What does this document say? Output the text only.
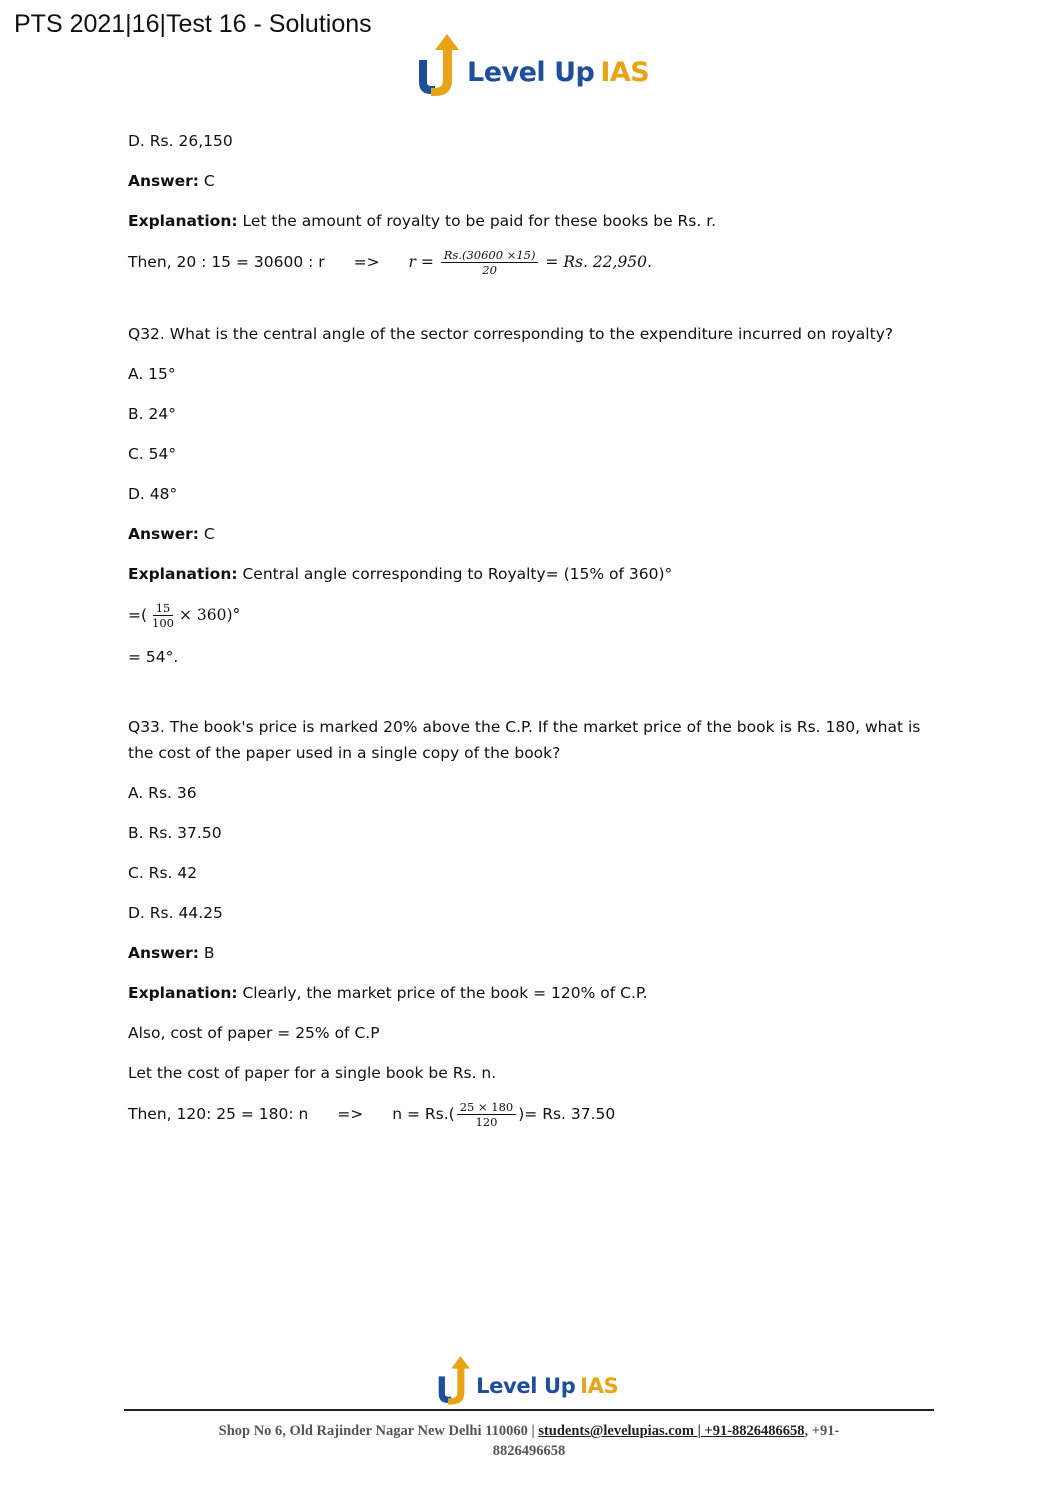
PTS 2021|16|Test 16 - Solutions
Level Up IAS

D. Rs. 26,150

Answer: C

Explanation: Let the amount of royalty to be paid for these books be Rs. r.

Then, 20 : 15 = 30600 : $r => r = \frac{Rs.(30600 \times 15)}{20} = Rs$. 22,950.

Q32. What is the central angle of the sector corresponding to the expenditure incurred on royalty?

A. 15°

B. 24°

C. 54°

D. 48°

Answer: C

Explanation: Central angle corresponding to Royalty= (15% of 360)°

=( $\frac{15}{100} \times 360)^\circ$

= 54°.

Q33. The book's price is marked 20% above the C.P. If the market price of the book is Rs. 180, what is the cost of the paper used in a single copy of the book?

A. Rs. 36

B. Rs. 37.50

C. Rs. 42

D. Rs. 44.25

Answer: B

Explanation: Clearly, the market price of the book = 120% of C.P.

Also, cost of paper = 25% of C.P

Let the cost of paper for a single book be Rs. n.

Then, 120: 25 = 180: $n => n = Rs.( \frac{25 \times 180}{120}$ )= Rs. 37.50

Level Up IAS
Shop No 6, Old Rajinder Nagar New Delhi 110060 | students@levelupias.com | +91-8826486658, +91-
8826496658
